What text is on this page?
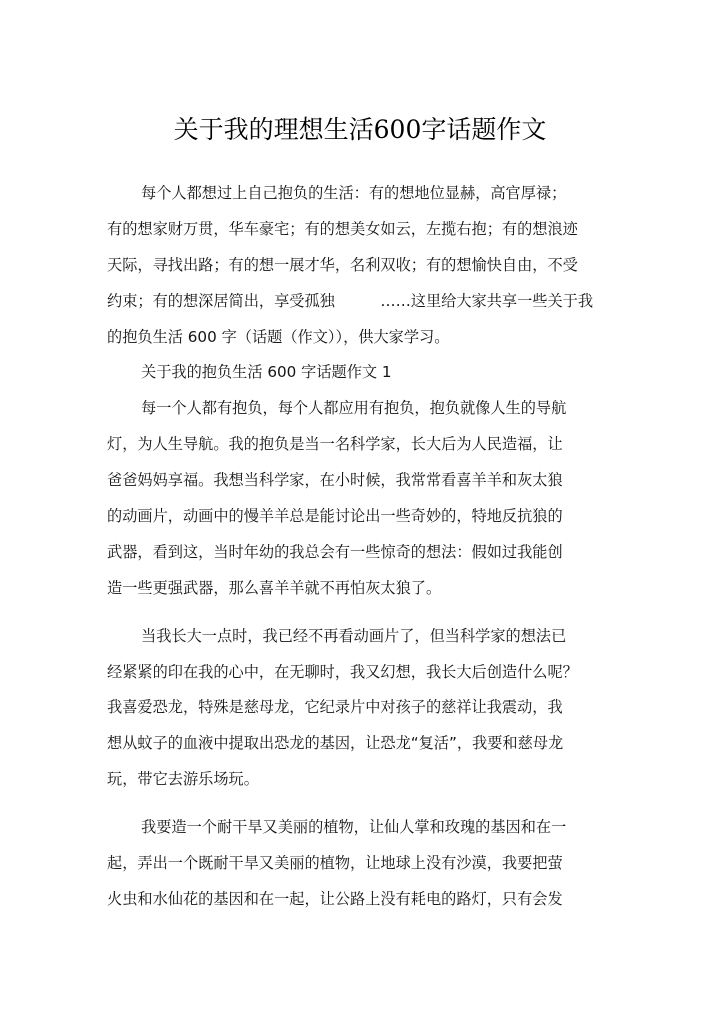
关于我的理想生活600字话题作文
每个人都想过上自己抱负的生活：有的想地位显赫，高官厚禄；
有的想家财万贯，华车豪宅；有的想美女如云，左揽右抱；有的想浪迹
天际，寻找出路；有的想一展才华，名利双收；有的想愉快自由，不受
约束；有的想深居简出，享受孤独　　　……这里给大家共享一些关于我
的抱负生活 600 字（话题（作文）），供大家学习。
关于我的抱负生活 600 字话题作文 1
每一个人都有抱负，每个人都应用有抱负，抱负就像人生的导航
灯，为人生导航。我的抱负是当一名科学家，长大后为人民造福，让
爸爸妈妈享福。我想当科学家，在小时候，我常常看喜羊羊和灰太狼
的动画片，动画中的慢羊羊总是能讨论出一些奇妙的，特地反抗狼的
武器，看到这，当时年幼的我总会有一些惊奇的想法：假如过我能创
造一些更强武器，那么喜羊羊就不再怕灰太狼了。
当我长大一点时，我已经不再看动画片了，但当科学家的想法已
经紧紧的印在我的心中，在无聊时，我又幻想，我长大后创造什么呢？
我喜爱恐龙，特殊是慈母龙，它纪录片中对孩子的慈祥让我震动，我
想从蚊子的血液中提取出恐龙的基因，让恐龙“复活”，我要和慈母龙
玩，带它去游乐场玩。
我要造一个耐干旱又美丽的植物，让仙人掌和玫瑰的基因和在一
起，弄出一个既耐干旱又美丽的植物，让地球上没有沙漠，我要把萤
火虫和水仙花的基因和在一起，让公路上没有耗电的路灯，只有会发
